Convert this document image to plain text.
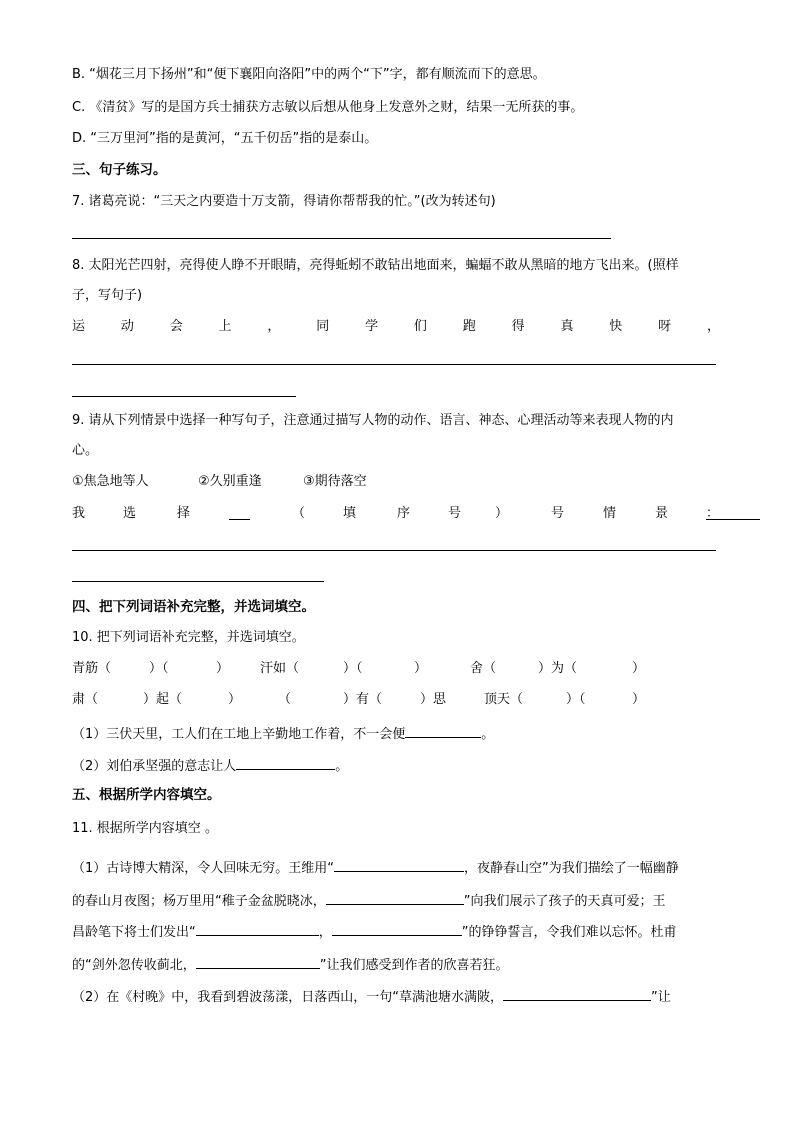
B. “烟花三月下扬州”和“便下襄阳向洛阳”中的两个“下”字，都有顺流而下的意思。
C. 《清贫》写的是国方兵士捕获方志敏以后想从他身上发意外之财，结果一无所获的事。
D. “三万里河”指的是黄河，“五千仞岳”指的是泰山。
三、句子练习。
7. 诸葛亮说：“三天之内要造十万支箭，得请你帮帮我的忙。”(改为转述句)
8. 太阳光芒四射，亮得使人睁不开眼睛，亮得蚯蚓不敢钻出地面来，蝙蝠不敢从黑暗的地方飞出来。(照样
子，写句子)
运	动	会	上	，	同	学	们	跑	得	真	快	呀	，
9. 请从下列情景中选择一种写句子，注意通过描写人物的动作、语言、神态、心理活动等来表现人物的内
心。
①焦急地等人	②久别重逢	③期待落空
我	选	择	（	填	序	号	）	号	情	景	：
四、把下列词语补充完整，并选词填空。
10. 把下列词语补充完整，并选词填空。
青筋（	）（	） 汗如（	）（	）	舍（	）为（	）
肃（	）起（	）	（	）有（	）思	顶天（	）（	）
（1）三伏天里，工人们在工地上辛勤地工作着，不一会便	。
（2）刘伯承坚强的意志让人	。
五、根据所学内容填空。
11. 根据所学内容填空 。
（1）古诗博大精深，令人回味无穷。王维用“	，夜静春山空”为我们描绘了一幅幽静
的春山月夜图；杨万里用“稚子金盆脱晓冰，	”向我们展示了孩子的天真可爱；王
昌龄笔下将士们发出“	，	”的铮铮誓言，令我们难以忘怀。杜甫
的“剑外忽传收蓟北，	”让我们感受到作者的欣喜若狂。
（2）在《村晚》中，我看到碧波荡漾，日落西山，一句“草满池塘水满陂，	”让
